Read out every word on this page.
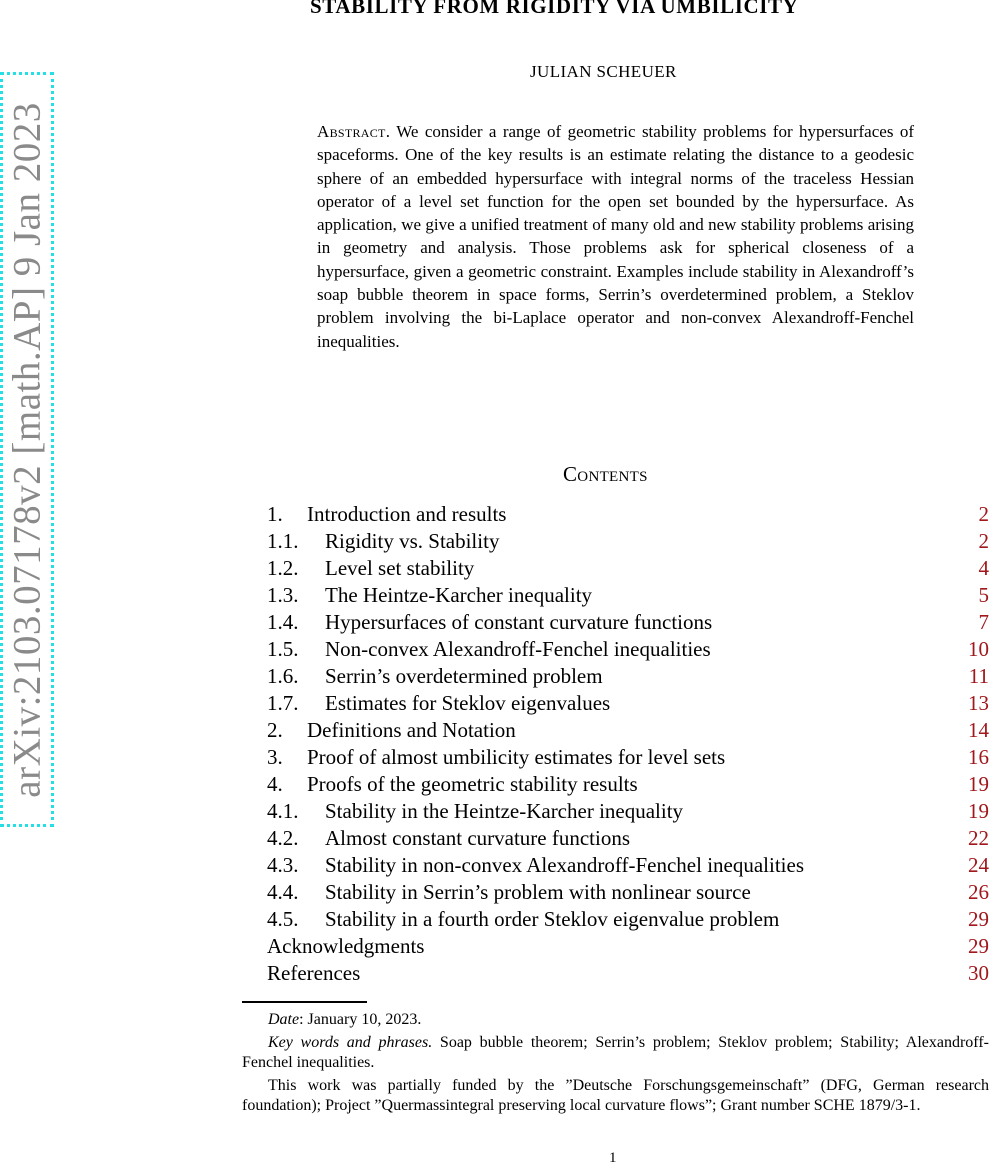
STABILITY FROM RIGIDITY VIA UMBILICITY
JULIAN SCHEUER
arXiv:2103.07178v2 [math.AP] 9 Jan 2023	Abstract. We consider a range of geometric stability problems for hypersurfaces of spaceforms. One of the key results is an estimate relating the distance to a geodesic sphere of an embedded hypersurface with integral norms of the traceless Hessian operator of a level set function for the open set bounded by the hypersurface. As application, we give a unified treatment of many old and new stability problems arising in geometry and analysis. Those problems ask for spherical closeness of a hypersurface, given a geometric constraint. Examples include stability in Alexandroff’s soap bubble theorem in space forms, Serrin’s overdetermined problem, a Steklov problem involving the bi-Laplace operator and non-convex Alexandroff-Fenchel inequalities.
Contents
1. Introduction and results	2
1.1. Rigidity vs. Stability	2
1.2. Level set stability	4
1.3. The Heintze-Karcher inequality	5
1.4. Hypersurfaces of constant curvature functions	7
1.5. Non-convex Alexandroff-Fenchel inequalities	10
1.6. Serrin’s overdetermined problem	11
1.7. Estimates for Steklov eigenvalues	13
2. Definitions and Notation	14
3. Proof of almost umbilicity estimates for level sets	16
4. Proofs of the geometric stability results	19
4.1. Stability in the Heintze-Karcher inequality	19
4.2. Almost constant curvature functions	22
4.3. Stability in non-convex Alexandroff-Fenchel inequalities	24
4.4. Stability in Serrin’s problem with nonlinear source	26
4.5. Stability in a fourth order Steklov eigenvalue problem	29
Acknowledgments	29
References	30

Date: January 10, 2023.

Key words and phrases. Soap bubble theorem; Serrin’s problem; Steklov problem; Stability; Alexandroff-Fenchel inequalities.

This work was partially funded by the ”Deutsche Forschungsgemeinschaft” (DFG, German research foundation); Project ”Quermassintegral preserving local curvature flows”; Grant number SCHE 1879/3-1.

1
